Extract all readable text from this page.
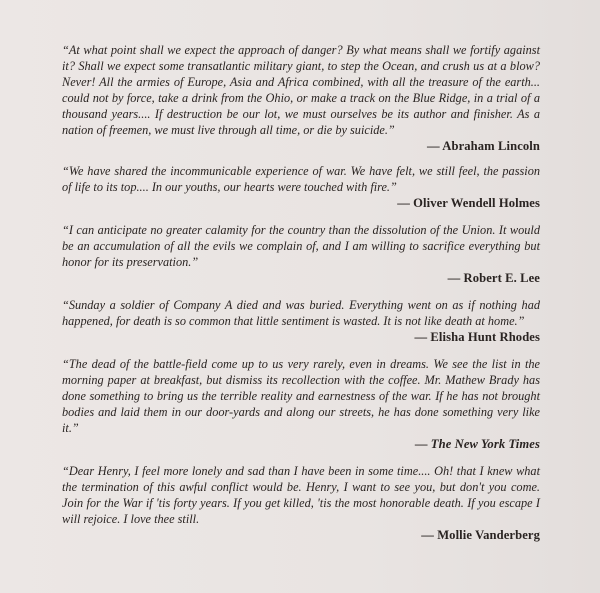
“At what point shall we expect the approach of danger? By what means shall we fortify against it? Shall we expect some transatlantic military giant, to step the Ocean, and crush us at a blow? Never! All the armies of Europe, Asia and Africa combined, with all the treasure of the earth... could not by force, take a drink from the Ohio, or make a track on the Blue Ridge, in a trial of a thousand years.... If destruction be our lot, we must ourselves be its author and finisher. As a nation of freemen, we must live through all time, or die by suicide.”

— Abraham Lincoln

“We have shared the incommunicable experience of war. We have felt, we still feel, the passion of life to its top.... In our youths, our hearts were touched with fire.”

— Oliver Wendell Holmes

“I can anticipate no greater calamity for the country than the dissolution of the Union. It would be an accumulation of all the evils we complain of, and I am willing to sacrifice everything but honor for its preservation.”

— Robert E. Lee

“Sunday a soldier of Company A died and was buried. Everything went on as if nothing had happened, for death is so common that little sentiment is wasted. It is not like death at home.”

— Elisha Hunt Rhodes

“The dead of the battle-field come up to us very rarely, even in dreams. We see the list in the morning paper at breakfast, but dismiss its recollection with the coffee. Mr. Mathew Brady has done something to bring us the terrible reality and earnestness of the war. If he has not brought bodies and laid them in our door-yards and along our streets, he has done something very like it.”

— The New York Times

“Dear Henry, I feel more lonely and sad than I have been in some time.... Oh! that I knew what the termination of this awful conflict would be. Henry, I want to see you, but don't you come. Join for the War if 'tis forty years. If you get killed, 'tis the most honorable death. If you escape I will rejoice. I love thee still.

— Mollie Vanderberg
